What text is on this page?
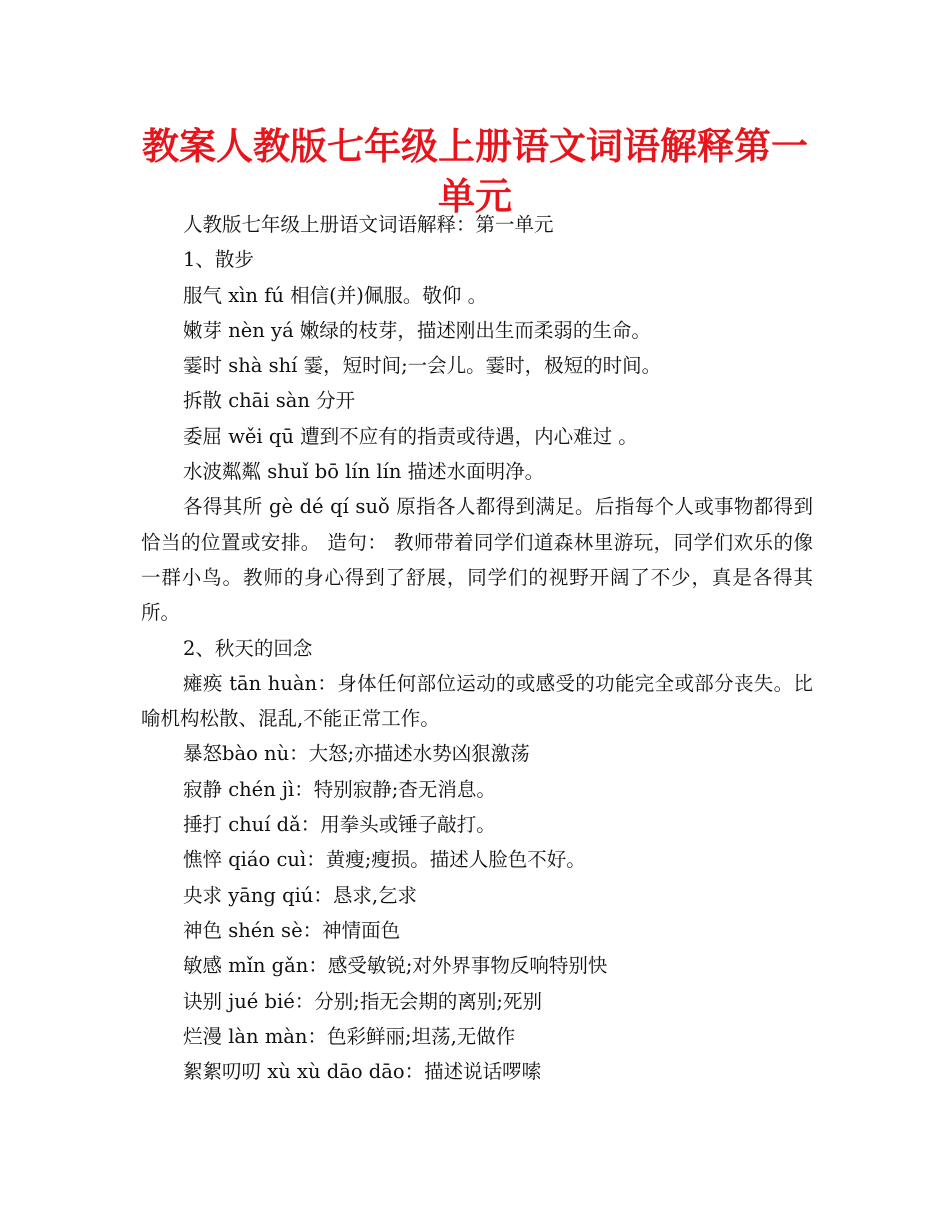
教案人教版七年级上册语文词语解释第一
单元

人教版七年级上册语文词语解释：第一单元

1、散步

服气 xìn fú 相信(并)佩服。敬仰 。

嫩芽 nèn yá 嫩绿的枝芽，描述刚出生而柔弱的生命。

霎时 shà shí 霎，短时间;一会儿。霎时，极短的时间。

拆散 chāi sàn 分开

委屈 wěi qū 遭到不应有的指责或待遇，内心难过 。

水波粼粼 shuǐ bō lín lín 描述水面明净。

各得其所 gè dé qí suǒ 原指各人都得到满足。后指每个人或事物都得到恰当的位置或安排。 造句： 教师带着同学们道森林里游玩，同学们欢乐的像一群小鸟。教师的身心得到了舒展，同学们的视野开阔了不少，真是各得其所。

2、秋天的回念

瘫痪 tān huàn：身体任何部位运动的或感受的功能完全或部分丧失。比喻机构松散、混乱,不能正常工作。

暴怒bào nù：大怒;亦描述水势凶狠激荡

寂静 chén jì：特别寂静;杳无消息。

捶打 chuí dǎ：用拳头或锤子敲打。

憔悴 qiáo cuì：黄瘦;瘦损。描述人脸色不好。

央求 yāng qiú：恳求,乞求

神色 shén sè：神情面色

敏感 mǐn gǎn：感受敏锐;对外界事物反响特别快

诀别 jué bié：分别;指无会期的离别;死别

烂漫 làn màn：色彩鲜丽;坦荡,无做作

絮絮叨叨 xù xù dāo dāo：描述说话啰嗦
